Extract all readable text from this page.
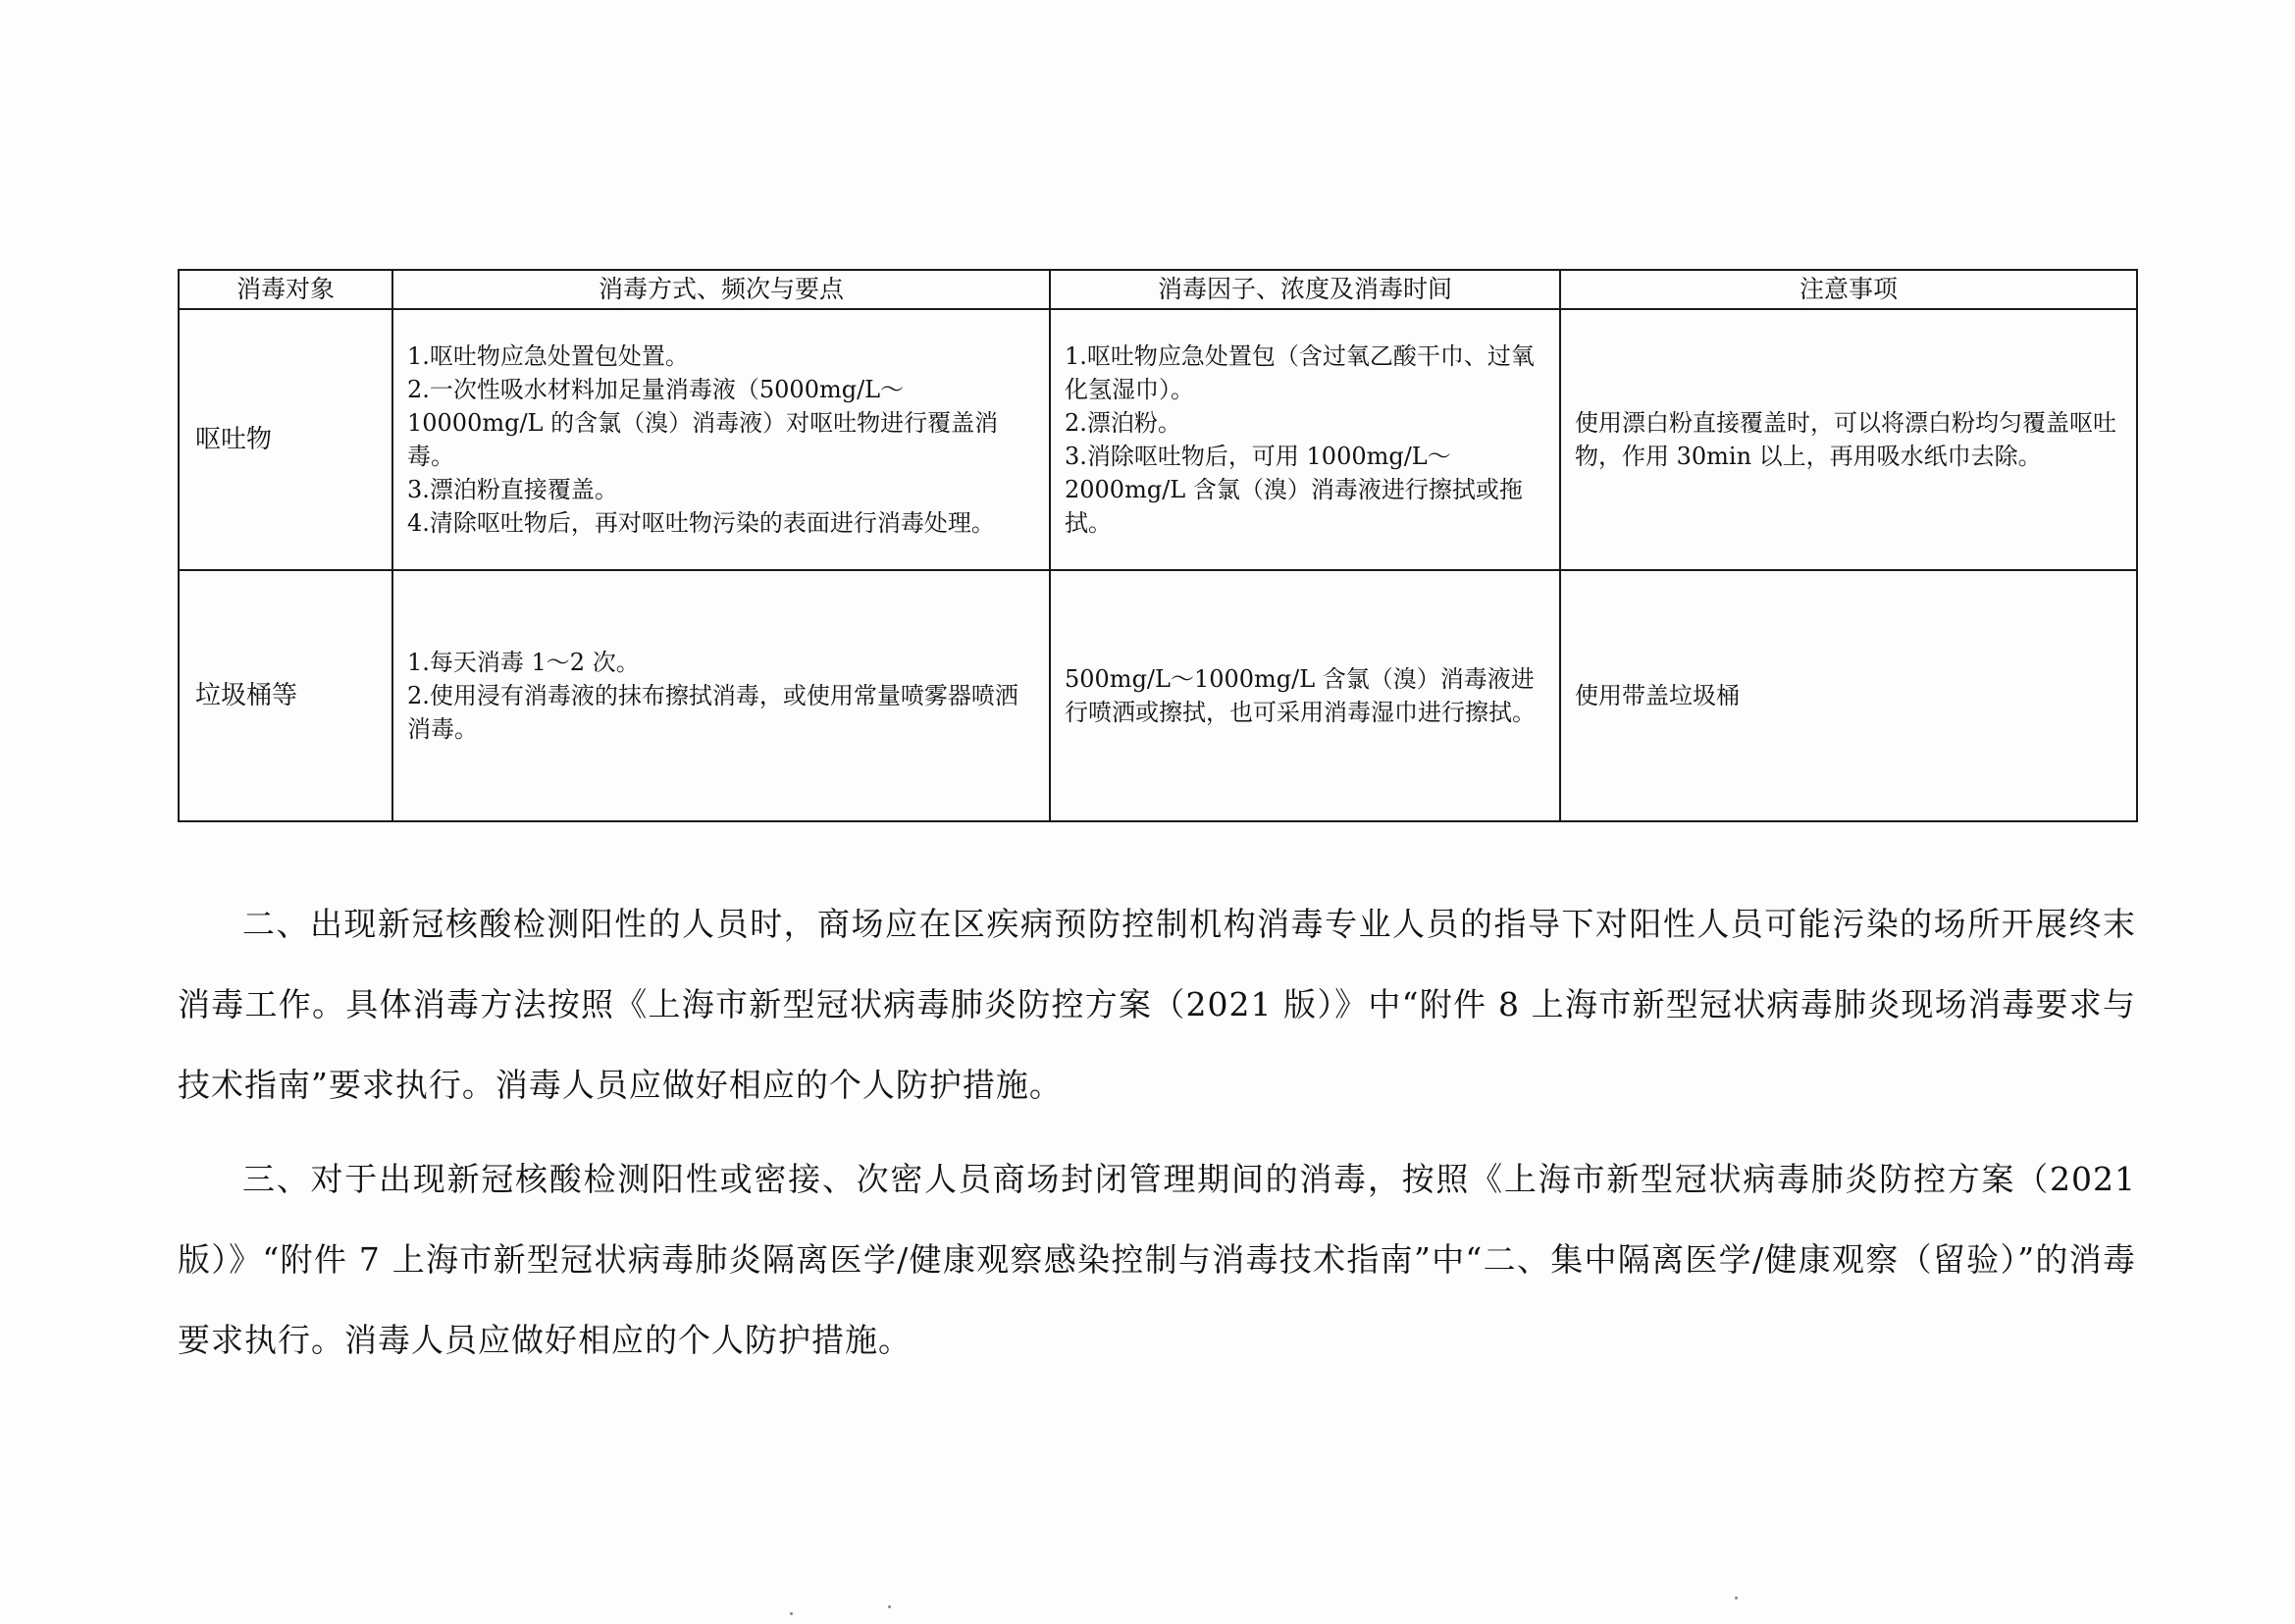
消毒对象	消毒方式、频次与要点	消毒因子、浓度及消毒时间	注意事项
呕吐物	1.呕吐物应急处置包处置。
2.一次性吸水材料加足量消毒液（5000mg/L～10000mg/L 的含氯（溴）消毒液）对呕吐物进行覆盖消毒。
3.漂泊粉直接覆盖。
4.清除呕吐物后，再对呕吐物污染的表面进行消毒处理。	1.呕吐物应急处置包（含过氧乙酸干巾、过氧化氢湿巾）。
2.漂泊粉。
3.消除呕吐物后，可用 1000mg/L～2000mg/L 含氯（溴）消毒液进行擦拭或拖拭。	使用漂白粉直接覆盖时，可以将漂白粉均匀覆盖呕吐物，作用 30min 以上，再用吸水纸巾去除。
垃圾桶等	1.每天消毒 1～2 次。
2.使用浸有消毒液的抹布擦拭消毒，或使用常量喷雾器喷洒消毒。	500mg/L～1000mg/L 含氯（溴）消毒液进行喷洒或擦拭，也可采用消毒湿巾进行擦拭。	使用带盖垃圾桶

二、出现新冠核酸检测阳性的人员时，商场应在区疾病预防控制机构消毒专业人员的指导下对阳性人员可能污染的场所开展终末消毒工作。具体消毒方法按照《上海市新型冠状病毒肺炎防控方案（2021 版）》中“附件 8 上海市新型冠状病毒肺炎现场消毒要求与技术指南”要求执行。消毒人员应做好相应的个人防护措施。

三、对于出现新冠核酸检测阳性或密接、次密人员商场封闭管理期间的消毒，按照《上海市新型冠状病毒肺炎防控方案（2021 版）》“附件 7 上海市新型冠状病毒肺炎隔离医学/健康观察感染控制与消毒技术指南”中“二、集中隔离医学/健康观察（留验）”的消毒要求执行。消毒人员应做好相应的个人防护措施。
